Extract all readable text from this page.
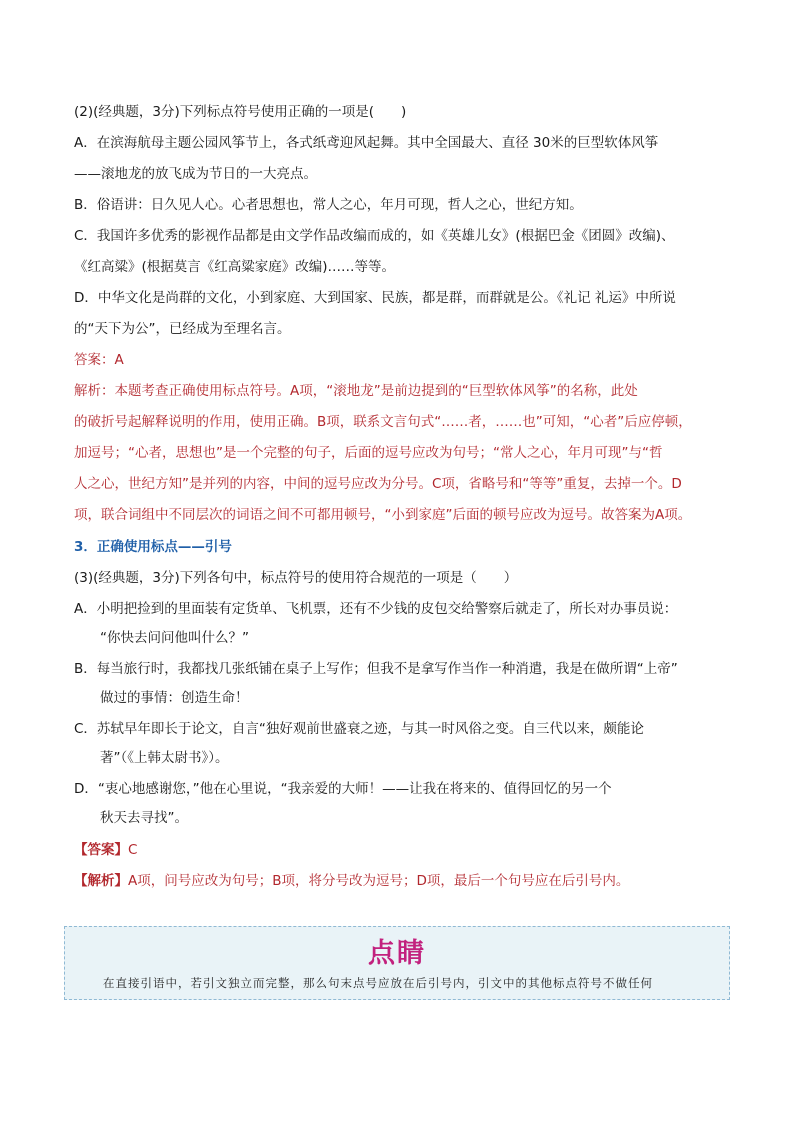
(2)(经典题，3分)下列标点符号使用正确的一项是(　　)
A．在滨海航母主题公园风筝节上，各式纸鸢迎风起舞。其中全国最大、直径 30米的巨型软体风筝
——滚地龙的放飞成为节日的一大亮点。
B．俗语讲：日久见人心。心者思想也，常人之心，年月可现，哲人之心，世纪方知。
C．我国许多优秀的影视作品都是由文学作品改编而成的，如《英雄儿女》(根据巴金《团圆》改编)、
《红高粱》(根据莫言《红高粱家庭》改编)……等等。
D．中华文化是尚群的文化，小到家庭、大到国家、民族，都是群，而群就是公。《礼记 礼运》中所说
的“天下为公”，已经成为至理名言。
答案：A
解析：本题考查正确使用标点符号。A项，“滚地龙”是前边提到的“巨型软体风筝”的名称，此处
的破折号起解释说明的作用，使用正确。B项，联系文言句式“……者，……也”可知，“心者”后应停顿，
加逗号；“心者，思想也”是一个完整的句子，后面的逗号应改为句号；“常人之心，年月可现”与“哲
人之心，世纪方知”是并列的内容，中间的逗号应改为分号。C项，省略号和“等等”重复，去掉一个。D
项，联合词组中不同层次的词语之间不可都用顿号，“小到家庭”后面的顿号应改为逗号。故答案为A项。
3．正确使用标点——引号
(3)(经典题，3分)下列各句中，标点符号的使用符合规范的一项是（　　）
A．小明把捡到的里面装有定货单、飞机票，还有不少钱的皮包交给警察后就走了，所长对办事员说：
“你快去问问他叫什么？”
B．每当旅行时，我都找几张纸铺在桌子上写作；但我不是拿写作当作一种消遣，我是在做所谓“上帝”
做过的事情：创造生命！
C．苏轼早年即长于论文，自言“独好观前世盛衰之迹，与其一时风俗之变。自三代以来，颇能论
著”（《上韩太尉书》）。
D．“衷心地感谢您，”他在心里说，“我亲爱的大师！——让我在将来的、值得回忆的另一个
秋天去寻找”。
【答案】C
【解析】A项，问号应改为句号；B项，将分号改为逗号；D项，最后一个句号应在后引号内。
点睛
在直接引语中，若引文独立而完整，那么句末点号应放在后引号内，引文中的其他标点符号不做任何
